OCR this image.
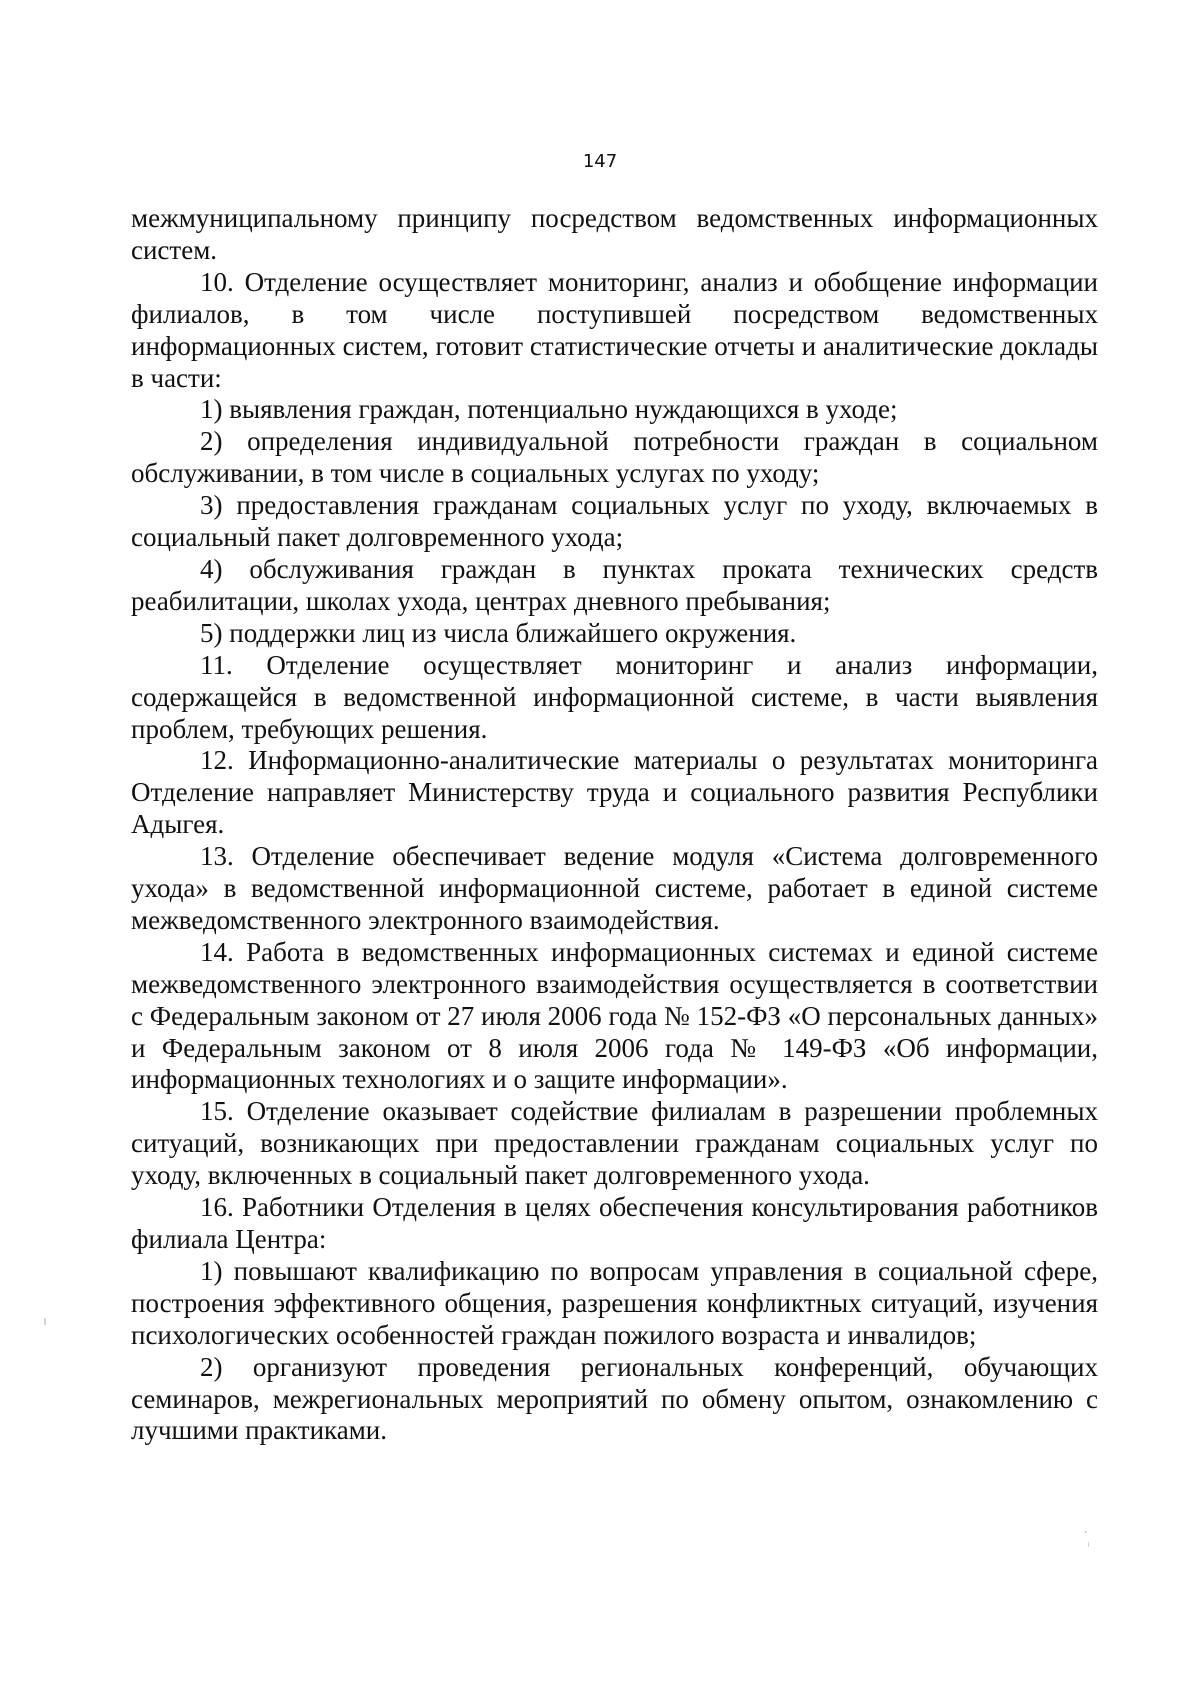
147

межмуниципальному принципу посредством ведомственных информационных систем.

10. Отделение осуществляет мониторинг, анализ и обобщение информации филиалов, в том числе поступившей посредством ведомственных информационных систем, готовит статистические отчеты и аналитические доклады в части:

1) выявления граждан, потенциально нуждающихся в уходе;

2) определения индивидуальной потребности граждан в социальном обслуживании, в том числе в социальных услугах по уходу;

3) предоставления гражданам социальных услуг по уходу, включаемых в социальный пакет долговременного ухода;

4) обслуживания граждан в пунктах проката технических средств реабилитации, школах ухода, центрах дневного пребывания;

5) поддержки лиц из числа ближайшего окружения.

11. Отделение осуществляет мониторинг и анализ информации, содержащейся в ведомственной информационной системе, в части выявления проблем, требующих решения.

12. Информационно-аналитические материалы о результатах мониторинга Отделение направляет Министерству труда и социального развития Республики Адыгея.

13. Отделение обеспечивает ведение модуля «Система долговременного ухода» в ведомственной информационной системе, работает в единой системе межведомственного электронного взаимодействия.

14. Работа в ведомственных информационных системах и единой системе межведомственного электронного взаимодействия осуществляется в соответствии с Федеральным законом от 27 июля 2006 года № 152-ФЗ «О персональных данных» и Федеральным законом от 8 июля 2006 года № 149-ФЗ «Об информации, информационных технологиях и о защите информации».

15. Отделение оказывает содействие филиалам в разрешении проблемных ситуаций, возникающих при предоставлении гражданам социальных услуг по уходу, включенных в социальный пакет долговременного ухода.

16. Работники Отделения в целях обеспечения консультирования работников филиала Центра:

1) повышают квалификацию по вопросам управления в социальной сфере, построения эффективного общения, разрешения конфликтных ситуаций, изучения психологических особенностей граждан пожилого возраста и инвалидов;

2) организуют проведения региональных конференций, обучающих семинаров, межрегиональных мероприятий по обмену опытом, ознакомлению с лучшими практиками.
